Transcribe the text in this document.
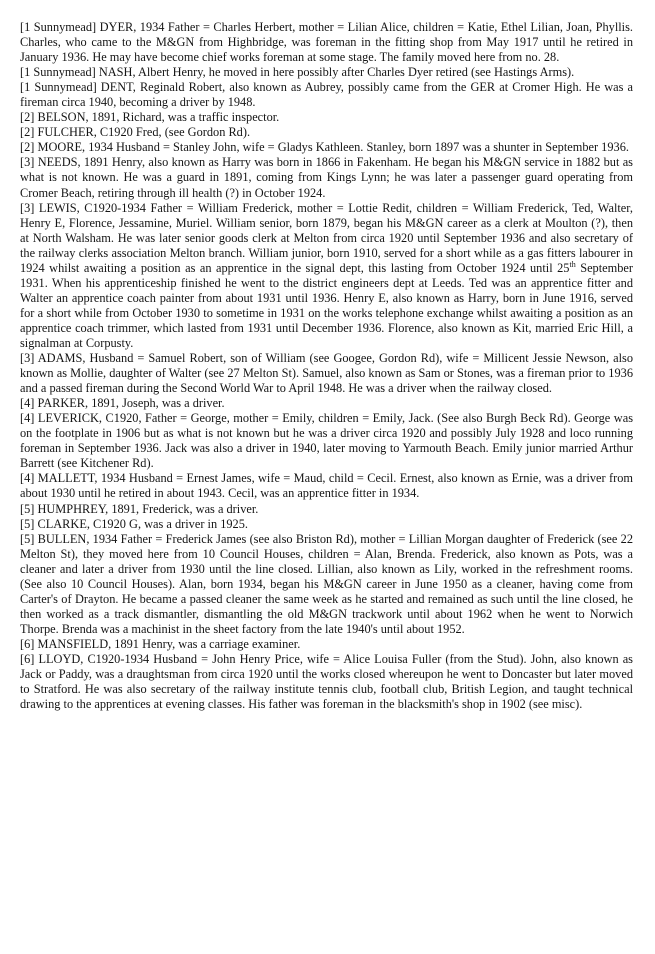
[1 Sunnymead] DYER, 1934 Father = Charles Herbert, mother = Lilian Alice, children = Katie, Ethel Lilian, Joan, Phyllis. Charles, who came to the M&GN from Highbridge, was foreman in the fitting shop from May 1917 until he retired in January 1936. He may have become chief works foreman at some stage. The family moved here from no. 28.

[1 Sunnymead] NASH, Albert Henry, he moved in here possibly after Charles Dyer retired (see Hastings Arms).

[1 Sunnymead] DENT, Reginald Robert, also known as Aubrey, possibly came from the GER at Cromer High. He was a fireman circa 1940, becoming a driver by 1948.

[2] BELSON, 1891, Richard, was a traffic inspector.

[2] FULCHER, C1920 Fred, (see Gordon Rd).

[2] MOORE, 1934 Husband = Stanley John, wife = Gladys Kathleen. Stanley, born 1897 was a shunter in September 1936.

[3] NEEDS, 1891 Henry, also known as Harry was born in 1866 in Fakenham. He began his M&GN service in 1882 but as what is not known. He was a guard in 1891, coming from Kings Lynn; he was later a passenger guard operating from Cromer Beach, retiring through ill health (?) in October 1924.

[3] LEWIS, C1920-1934 Father = William Frederick, mother = Lottie Redit, children = William Frederick, Ted, Walter, Henry E, Florence, Jessamine, Muriel. William senior, born 1879, began his M&GN career as a clerk at Moulton (?), then at North Walsham. He was later senior goods clerk at Melton from circa 1920 until September 1936 and also secretary of the railway clerks association Melton branch. William junior, born 1910, served for a short while as a gas fitters labourer in 1924 whilst awaiting a position as an apprentice in the signal dept, this lasting from October 1924 until 25th September 1931. When his apprenticeship finished he went to the district engineers dept at Leeds. Ted was an apprentice fitter and Walter an apprentice coach painter from about 1931 until 1936. Henry E, also known as Harry, born in June 1916, served for a short while from October 1930 to sometime in 1931 on the works telephone exchange whilst awaiting a position as an apprentice coach trimmer, which lasted from 1931 until December 1936. Florence, also known as Kit, married Eric Hill, a signalman at Corpusty.

[3] ADAMS, Husband = Samuel Robert, son of William (see Googee, Gordon Rd), wife = Millicent Jessie Newson, also known as Mollie, daughter of Walter (see 27 Melton St). Samuel, also known as Sam or Stones, was a fireman prior to 1936 and a passed fireman during the Second World War to April 1948. He was a driver when the railway closed.

[4] PARKER, 1891, Joseph, was a driver.

[4] LEVERICK, C1920, Father = George, mother = Emily, children = Emily, Jack. (See also Burgh Beck Rd). George was on the footplate in 1906 but as what is not known but he was a driver circa 1920 and possibly July 1928 and loco running foreman in September 1936. Jack was also a driver in 1940, later moving to Yarmouth Beach. Emily junior married Arthur Barrett (see Kitchener Rd).

[4] MALLETT, 1934 Husband = Ernest James, wife = Maud, child = Cecil. Ernest, also known as Ernie, was a driver from about 1930 until he retired in about 1943. Cecil, was an apprentice fitter in 1934.

[5] HUMPHREY, 1891, Frederick, was a driver.

[5] CLARKE, C1920 G, was a driver in 1925.

[5] BULLEN, 1934 Father = Frederick James (see also Briston Rd), mother = Lillian Morgan daughter of Frederick (see 22 Melton St), they moved here from 10 Council Houses, children = Alan, Brenda. Frederick, also known as Pots, was a cleaner and later a driver from 1930 until the line closed. Lillian, also known as Lily, worked in the refreshment rooms. (See also 10 Council Houses). Alan, born 1934, began his M&GN career in June 1950 as a cleaner, having come from Carter's of Drayton. He became a passed cleaner the same week as he started and remained as such until the line closed, he then worked as a track dismantler, dismantling the old M&GN trackwork until about 1962 when he went to Norwich Thorpe. Brenda was a machinist in the sheet factory from the late 1940's until about 1952.

[6] MANSFIELD, 1891 Henry, was a carriage examiner.

[6] LLOYD, C1920-1934 Husband = John Henry Price, wife = Alice Louisa Fuller (from the Stud). John, also known as Jack or Paddy, was a draughtsman from circa 1920 until the works closed whereupon he went to Doncaster but later moved to Stratford. He was also secretary of the railway institute tennis club, football club, British Legion, and taught technical drawing to the apprentices at evening classes. His father was foreman in the blacksmith's shop in 1902 (see misc).
